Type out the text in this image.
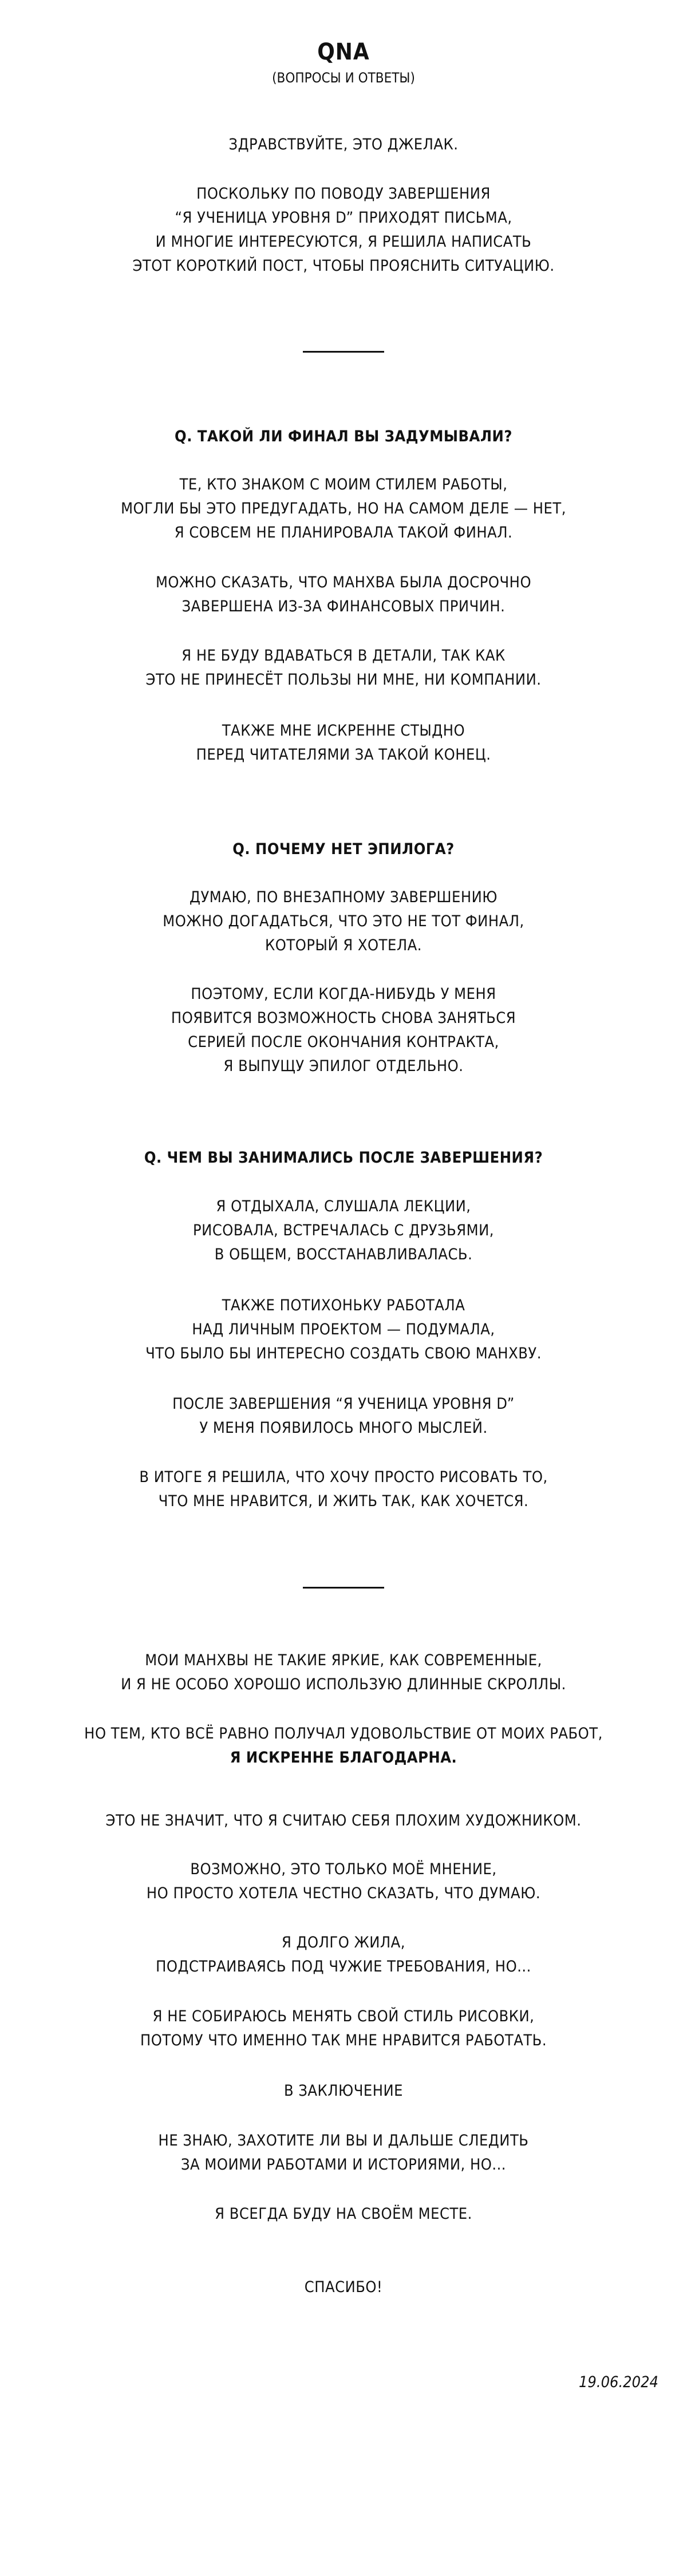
QNA
(ВОПРОСЫ И ОТВЕТЫ)

ЗДРАВСТВУЙТЕ, ЭТО ДЖЕЛАК.

ПОСКОЛЬКУ ПО ПОВОДУ ЗАВЕРШЕНИЯ
“Я УЧЕНИЦА УРОВНЯ D” ПРИХОДЯТ ПИСЬМА,
И МНОГИЕ ИНТЕРЕСУЮТСЯ, Я РЕШИЛА НАПИСАТЬ
ЭТОТ КОРОТКИЙ ПОСТ, ЧТОБЫ ПРОЯСНИТЬ СИТУАЦИЮ.

Q. ТАКОЙ ЛИ ФИНАЛ ВЫ ЗАДУМЫВАЛИ?

ТЕ, КТО ЗНАКОМ С МОИМ СТИЛЕМ РАБОТЫ,
МОГЛИ БЫ ЭТО ПРЕДУГАДАТЬ, НО НА САМОМ ДЕЛЕ — НЕТ,
Я СОВСЕМ НЕ ПЛАНИРОВАЛА ТАКОЙ ФИНАЛ.

МОЖНО СКАЗАТЬ, ЧТО МАНХВА БЫЛА ДОСРОЧНО
ЗАВЕРШЕНА ИЗ-ЗА ФИНАНСОВЫХ ПРИЧИН.

Я НЕ БУДУ ВДАВАТЬСЯ В ДЕТАЛИ, ТАК КАК
ЭТО НЕ ПРИНЕСЁТ ПОЛЬЗЫ НИ МНЕ, НИ КОМПАНИИ.

ТАКЖЕ МНЕ ИСКРЕННЕ СТЫДНО
ПЕРЕД ЧИТАТЕЛЯМИ ЗА ТАКОЙ КОНЕЦ.

Q. ПОЧЕМУ НЕТ ЭПИЛОГА?

ДУМАЮ, ПО ВНЕЗАПНОМУ ЗАВЕРШЕНИЮ
МОЖНО ДОГАДАТЬСЯ, ЧТО ЭТО НЕ ТОТ ФИНАЛ,
КОТОРЫЙ Я ХОТЕЛА.

ПОЭТОМУ, ЕСЛИ КОГДА-НИБУДЬ У МЕНЯ
ПОЯВИТСЯ ВОЗМОЖНОСТЬ СНОВА ЗАНЯТЬСЯ
СЕРИЕЙ ПОСЛЕ ОКОНЧАНИЯ КОНТРАКТА,
Я ВЫПУЩУ ЭПИЛОГ ОТДЕЛЬНО.

Q. ЧЕМ ВЫ ЗАНИМАЛИСЬ ПОСЛЕ ЗАВЕРШЕНИЯ?

Я ОТДЫХАЛА, СЛУШАЛА ЛЕКЦИИ,
РИСОВАЛА, ВСТРЕЧАЛАСЬ С ДРУЗЬЯМИ,
В ОБЩЕМ, ВОССТАНАВЛИВАЛАСЬ.

ТАКЖЕ ПОТИХОНЬКУ РАБОТАЛА
НАД ЛИЧНЫМ ПРОЕКТОМ — ПОДУМАЛА,
ЧТО БЫЛО БЫ ИНТЕРЕСНО СОЗДАТЬ СВОЮ МАНХВУ.

ПОСЛЕ ЗАВЕРШЕНИЯ “Я УЧЕНИЦА УРОВНЯ D”
У МЕНЯ ПОЯВИЛОСЬ МНОГО МЫСЛЕЙ.

В ИТОГЕ Я РЕШИЛА, ЧТО ХОЧУ ПРОСТО РИСОВАТЬ ТО,
ЧТО МНЕ НРАВИТСЯ, И ЖИТЬ ТАК, КАК ХОЧЕТСЯ.

МОИ МАНХВЫ НЕ ТАКИЕ ЯРКИЕ, КАК СОВРЕМЕННЫЕ,
И Я НЕ ОСОБО ХОРОШО ИСПОЛЬЗУЮ ДЛИННЫЕ СКРОЛЛЫ.

НО ТЕМ, КТО ВСЁ РАВНО ПОЛУЧАЛ УДОВОЛЬСТВИЕ ОТ МОИХ РАБОТ,

Я ИСКРЕННЕ БЛАГОДАРНА.

ЭТО НЕ ЗНАЧИТ, ЧТО Я СЧИТАЮ СЕБЯ ПЛОХИМ ХУДОЖНИКОМ.

ВОЗМОЖНО, ЭТО ТОЛЬКО МОЁ МНЕНИЕ,
НО ПРОСТО ХОТЕЛА ЧЕСТНО СКАЗАТЬ, ЧТО ДУМАЮ.

Я ДОЛГО ЖИЛА,
ПОДСТРАИВАЯСЬ ПОД ЧУЖИЕ ТРЕБОВАНИЯ, НО...

Я НЕ СОБИРАЮСЬ МЕНЯТЬ СВОЙ СТИЛЬ РИСОВКИ,
ПОТОМУ ЧТО ИМЕННО ТАК МНЕ НРАВИТСЯ РАБОТАТЬ.

В ЗАКЛЮЧЕНИЕ

НЕ ЗНАЮ, ЗАХОТИТЕ ЛИ ВЫ И ДАЛЬШЕ СЛЕДИТЬ
ЗА МОИМИ РАБОТАМИ И ИСТОРИЯМИ, НО...

Я ВСЕГДА БУДУ НА СВОЁМ МЕСТЕ.

СПАСИБО!

19.06.2024
